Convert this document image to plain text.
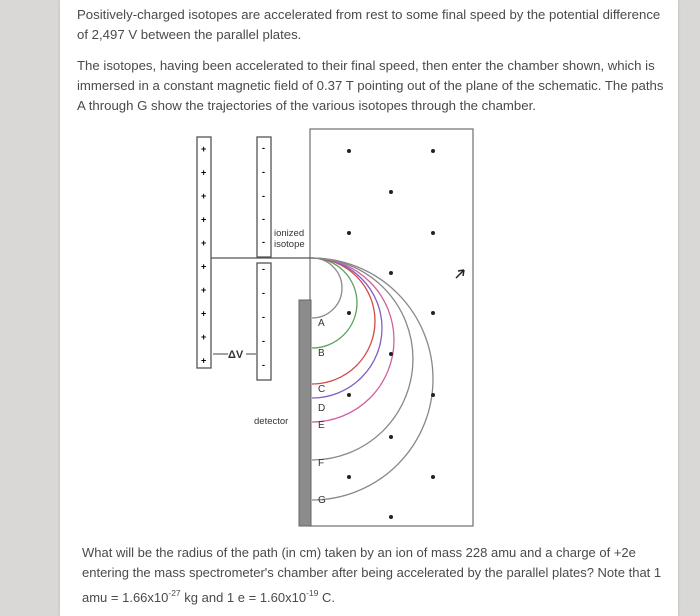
Positively-charged isotopes are accelerated from rest to some final speed by the potential difference of 2,497 V between the parallel plates.
The isotopes, having been accelerated to their final speed, then enter the chamber shown, which is immersed in a constant magnetic field of 0.37 T pointing out of the plane of the schematic. The paths A through G show the trajectories of the various isotopes through the chamber.
+
+
+
+
+
+
+
+
+
+
-
-
-
-
-
-
-
-
-
-
ionized
isotope
ΔV
detector
A
B
C
D
E
F
G
What will be the radius of the path (in cm) taken by an ion of mass 228 amu and a charge of +2e entering the mass spectrometer's chamber after being accelerated by the parallel plates? Note that 1 amu = $1.66x10^{-27}$ kg and 1 $e = 1.60x10^{-19}$ C.
